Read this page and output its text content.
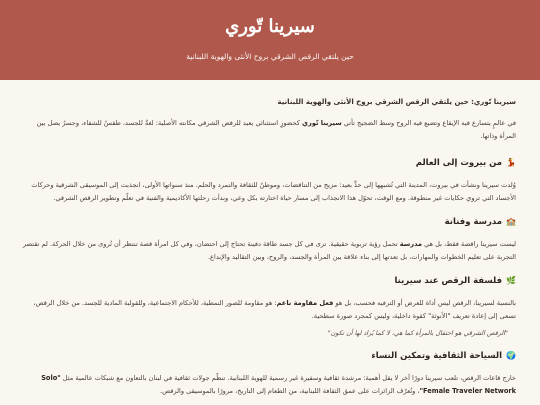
سيرينا تّوري

حين يلتقي الرقص الشرقي بروح الأنثى والهوية اللبنانية

سيرينا تّوري: حين يلتقي الرقص الشرقي بروح الأنثى والهوية اللبنانية

في عالمٍ يتسارع فيه الإيقاع وتضيع فيه الروح وسط الضجيج تأتي سيرينا تّوري كحضورٍ استثنائي يعيد للرقص الشرقي مكانته الأصلية: لغةٌ للجسد، طقسٌ للشفاء، وجسرٌ يصل بين المرأة وذاتها.

💃
من بيروت إلى العالم

وُلدت سيرينا ونشأت في بيروت، المدينة التي تُشبهها إلى حدٍّ بعيد: مزيج من التناقضات، وموطنٌ للثقافة والتمرد والحلم. منذ سنواتها الأولى، انجذبت إلى الموسيقى الشرقية وحركات الأجساد التي تروي حكايات غير منطوقة. ومع الوقت، تحوّل هذا الانجذاب إلى مسار حياة اختارته بكل وعي، وبدأت رحلتها الأكاديمية والفنية في تعلّم وتطوير الرقص الشرقي.

🏫
مدرسة وفنانة

ليست سيرينا راقصة فقط، بل هي مدرسة تحمل رؤية تربوية حقيقية. ترى في كل جسد طاقة دفينة تحتاج إلى احتضان، وفي كل امرأة قصة تنتظر أن تُروى من خلال الحركة. لم تقتصر التجربة على تعليم الخطوات والمهارات، بل تعدتها إلى بناء علاقة بين المرأة والجسد، والروح، وبين التقاليد والإبداع.

🌿
فلسفة الرقص عند سيرينا

بالنسبة لسيرينا، الرقص ليس أداة للعرض أو الترفيه فحسب، بل هو فعل مقاومة ناعم: هو مقاومة للصور النمطية، للأحكام الاجتماعية، وللقولبة المادية للجسد. من خلال الرقص، تسعى إلى إعادة تعريف "الأنوثة" كقوة داخلية، وليس كمجرد صورة سطحية.

"الرقص الشرقي هو احتفال بالمرأة كما هي، لا كما يُراد لها أن تكون"

🌍
السياحة الثقافية وتمكين النساء

خارج قاعات الرقص، تلعب سيرينا دورًا آخر لا يقل أهمية: مرشدة ثقافية وسفيرة غير رسمية للهوية اللبنانية. تنظّم جولات ثقافية في لبنان بالتعاون مع شبكات عالمية مثل "Solo Female Traveler Network"، وتُعرّف الزائرات على عمق الثقافة اللبنانية، من الطعام إلى التاريخ، مرورًا بالموسيقى والرقص.
